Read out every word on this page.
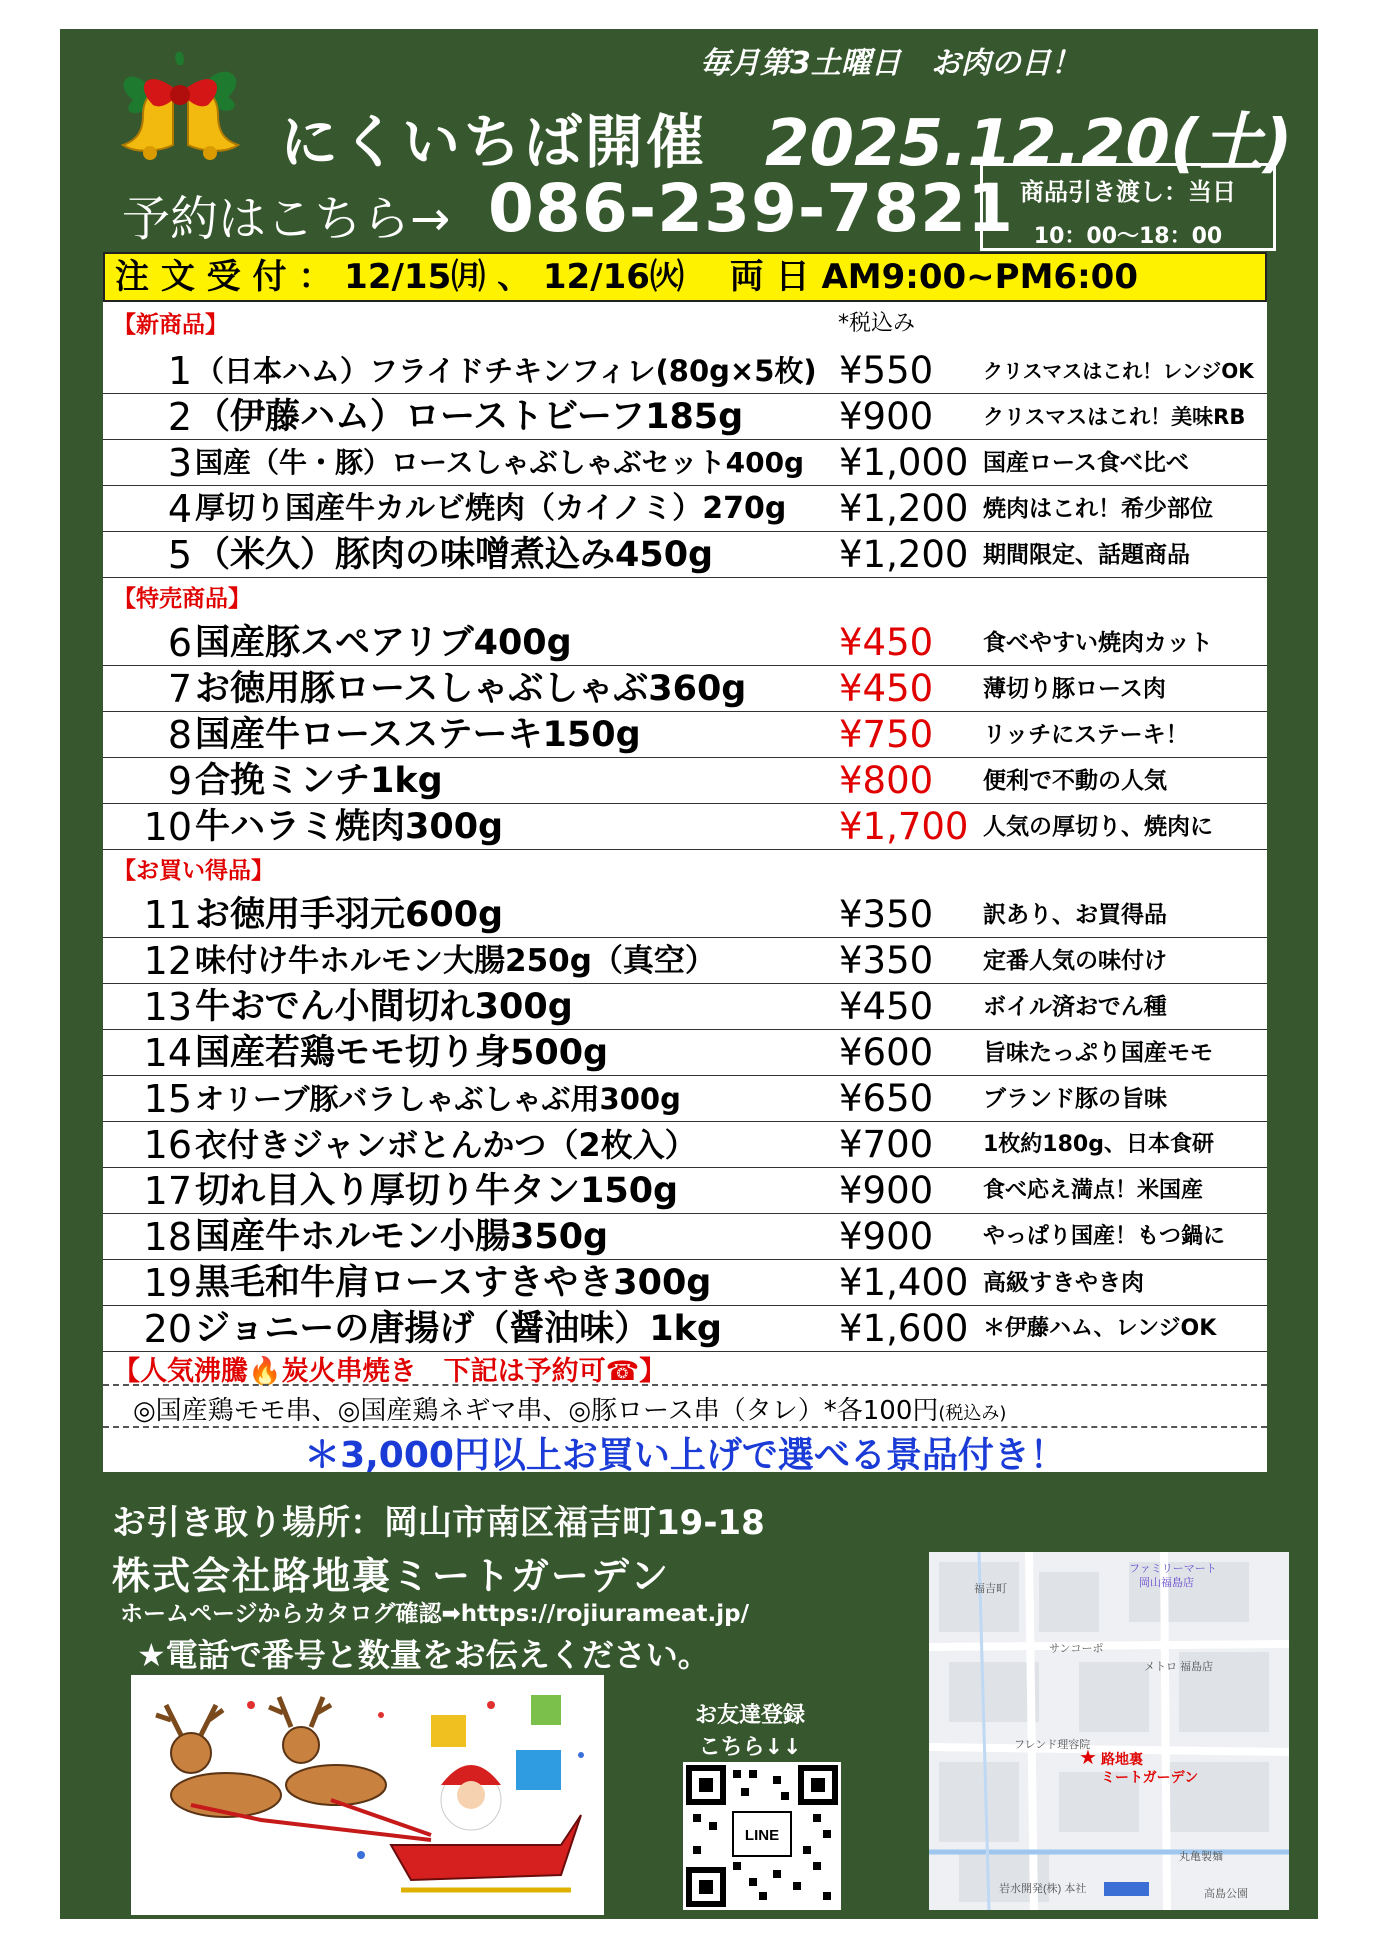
毎月第3土曜日　お肉の日！
にくいちば開催 2025.12.20(土)
予約はこちら→ 086-239-7821 商品引き渡し：当日
10：00～18：00
注 文 受 付 ： 12/15㈪ 、 12/16㈫　 両 日 AM9:00~PM6:00
【新商品】	*税込み
1 （日本ハム）フライドチキンフィレ(80g×5枚) ¥550 クリスマスはこれ！レンジOK
2 （伊藤ハム）ローストビーフ185g	¥900 クリスマスはこれ！美味RB
3 国産（牛・豚）ロースしゃぶしゃぶセット400g ¥1,000 国産ロース食べ比べ
4 厚切り国産牛カルビ焼肉（カイノミ）270g ¥1,200 焼肉はこれ！希少部位
5 （米久）豚肉の味噌煮込み450g	¥1,200 期間限定、話題商品
【特売商品】
6 国産豚スペアリブ400g	¥450 食べやすい焼肉カット
7 お徳用豚ロースしゃぶしゃぶ360g	¥450 薄切り豚ロース肉
8 国産牛ロースステーキ150g	¥750 リッチにステーキ！
9 合挽ミンチ1kg	¥800 便利で不動の人気
10 牛ハラミ焼肉300g	¥1,700 人気の厚切り、焼肉に
【お買い得品】
11 お徳用手羽元600g	¥350 訳あり、お買得品
12 味付け牛ホルモン大腸250g（真空）	¥350 定番人気の味付け
13 牛おでん小間切れ300g	¥450 ボイル済おでん種
14 国産若鶏モモ切り身500g	¥600 旨味たっぷり国産モモ
15 オリーブ豚バラしゃぶしゃぶ用300g	¥650 ブランド豚の旨味
16 衣付きジャンボとんかつ（2枚入）	¥700 1枚約180g、日本食研
17 切れ目入り厚切り牛タン150g	¥900 食べ応え満点！米国産
18 国産牛ホルモン小腸350g	¥900 やっぱり国産！もつ鍋に
19 黒毛和牛肩ロースすきやき300g	¥1,400 高級すきやき肉
20 ジョニーの唐揚げ（醤油味）1kg	¥1,600 ＊伊藤ハム、レンジOK
【人気沸騰🔥炭火串焼き　下記は予約可☎】
◎国産鶏モモ串、◎国産鶏ネギマ串、◎豚ロース串（タレ）*各100円(税込み)
＊3,000円以上お買い上げで選べる景品付き！
お引き取り場所：岡山市南区福吉町19-18
株式会社路地裏ミートガーデン
ホームページからカタログ確認➡https://rojiurameat.jp/
★電話で番号と数量をお伝えください。
お友達登録
こちら↓↓
LINE
ファミリーマート
岡山福島店
福吉町
サンコーポ
メトロ 福島店
フレンド理容院
岩水開発(株) 本社
丸亀製麺
高島公園
★ 路地裏
ミートガーデン
